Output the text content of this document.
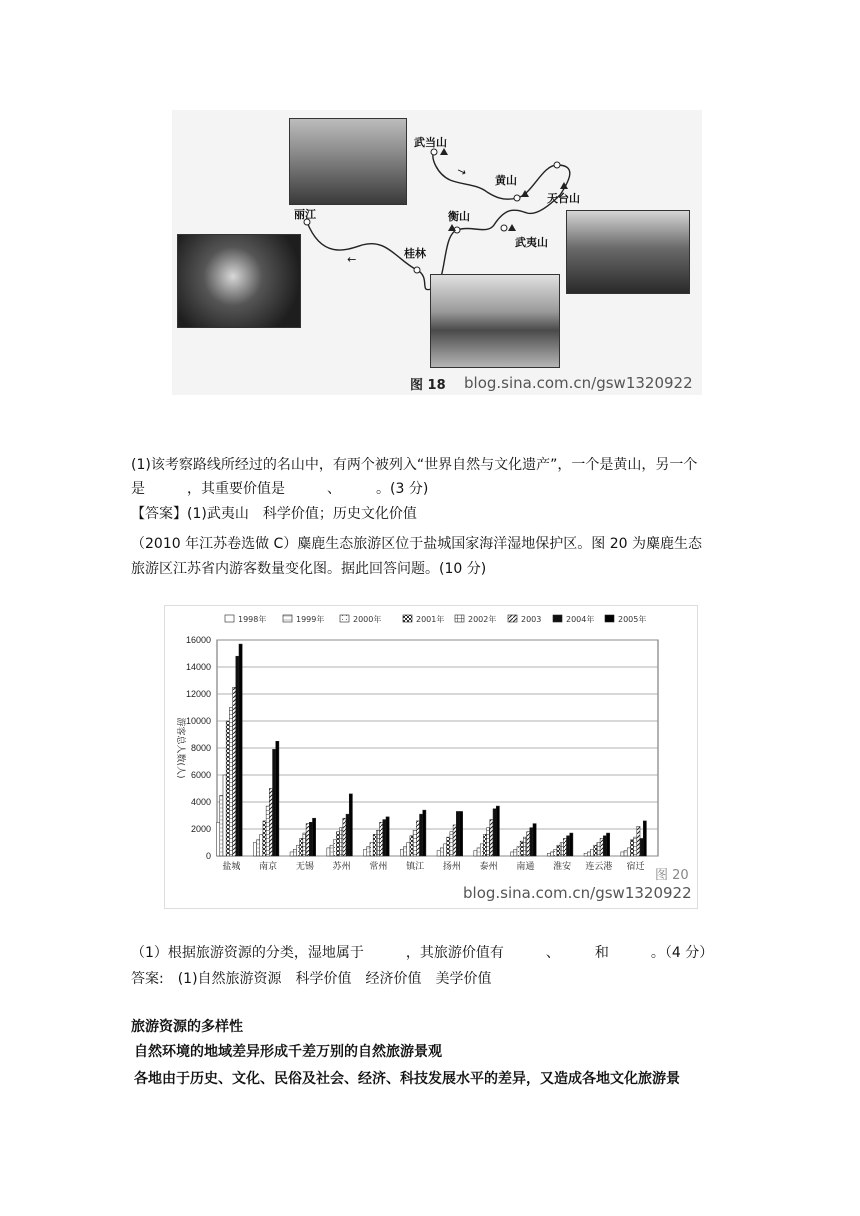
武当山
黄山
天台山
丽江	衡山
武夷山
桂林
→
→
图 18 blog.sina.com.cn/gsw1320922
(1)该考察路线所经过的名山中，有两个被列入“世界自然与文化遗产”，一个是黄山，另一个
是　　　，其重要价值是　　　、　　　。(3 分)
【答案】(1)武夷山　科学价值；历史文化价值
（2010 年江苏卷选做 C）麋鹿生态旅游区位于盐城国家海洋湿地保护区。图 20 为麋鹿生态
旅游区江苏省内游客数量变化图。据此回答问题。(10 分)
1998年	1999年	2000年	2001年	2002年	2003	2004年	2005年
0
2000
4000
6000
8000
10000
12000
14000
16000
游客总人数(人)
盐城 南京 无锡 苏州 常州 镇江 扬州 泰州 南通 淮安 连云港 宿迁
图 20
blog.sina.com.cn/gsw1320922
（1）根据旅游资源的分类，湿地属于　　　，其旅游价值有　　　、　　　和　　　。（4 分）
答案:　(1)自然旅游资源　科学价值　经济价值　美学价值
旅游资源的多样性
自然环境的地域差异形成千差万别的自然旅游景观
各地由于历史、文化、民俗及社会、经济、科技发展水平的差异，又造成各地文化旅游景
